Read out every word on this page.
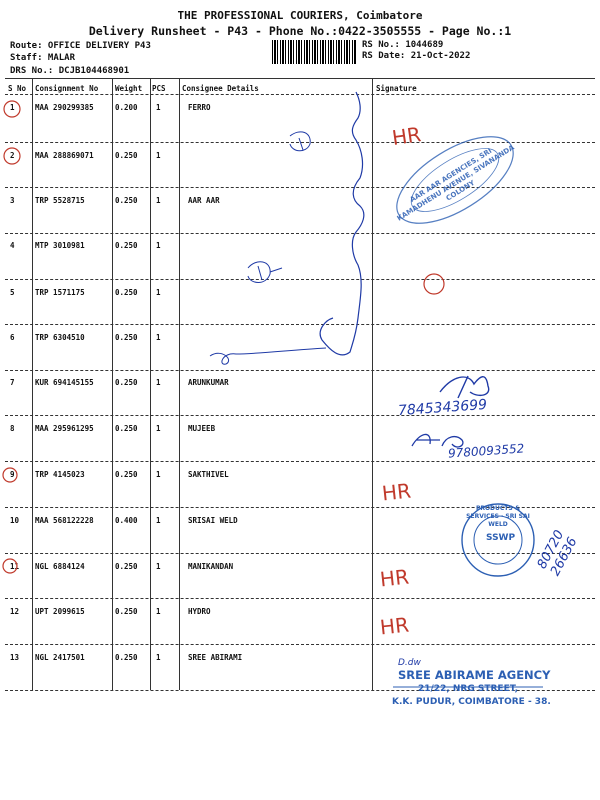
THE PROFESSIONAL COURIERS, Coimbatore
Delivery Runsheet - P43 - Phone No.:0422-3505555 - Page No.:1
Route: OFFICE DELIVERY P43
Staff: MALAR
DRS No.: DCJB104468901
RS No.: 1044689
RS Date: 21-Oct-2022
S No Consignment No Weight PCS Consignee Details	Signature
1	MAA 290299385	0.200 1	FERRO
2	MAA 288869071	0.250 1
3	TRP 5528715	0.250 1	AAR AAR
4	MTP 3010981	0.250 1
5	TRP 1571175	0.250 1
6	TRP 6304510	0.250 1
7	KUR 694145155	0.250 1	ARUNKUMAR
8	MAA 295961295	0.250 1	MUJEEB
9	TRP 4145023	0.250 1	SAKTHIVEL
10 MAA 568122228	0.400 1	SRISAI WELD
11 NGL 6884124	0.250 1	MANIKANDAN
12 UPT 2099615	0.250 1	HYDRO
13 NGL 2417501	0.250 1	SREE ABIRAMI
HR
HR
HR
HR
7845343699
9780093552
80720 26636
D.dw
AAR AAR AGENCIES, SRI KAMADHENU AVENUE, SIVANANDA COLONY
PRODUCTS & SERVICES · SRI SAI WELD
SSWP
SREE ABIRAME AGENCY
21/22, NRG STREET,
K.K. PUDUR, COIMBATORE - 38.
